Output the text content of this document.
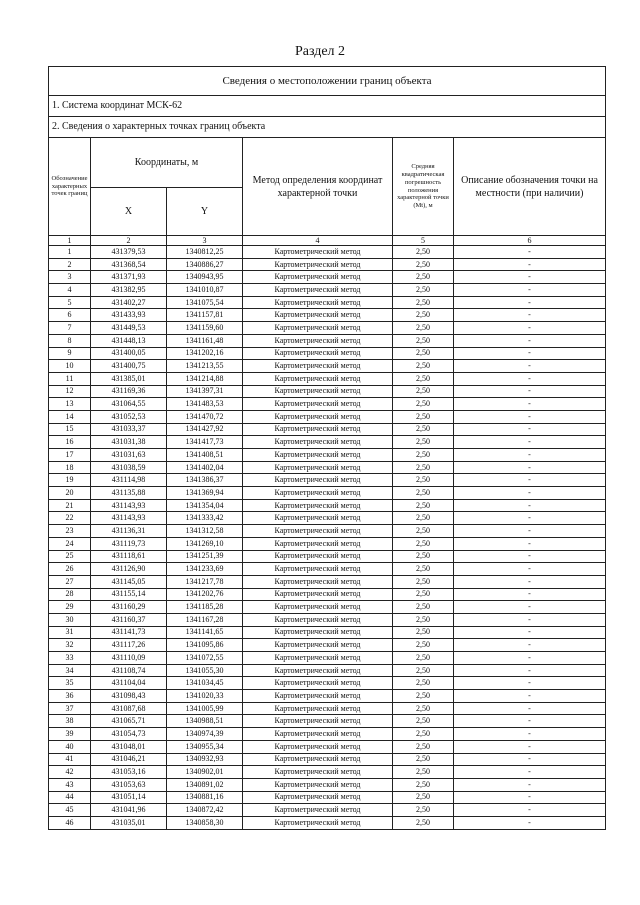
Раздел 2
Сведения о местоположении границ объекта					
1. Система координат МСК-62					
2. Сведения о характерных точках границ объекта					
Обозначение характерных точек границ	Координаты, м		Метод определения координат характерной точки	Средняя квадратическая погрешность положения характерной точки (Mt), м	Описание обозначения точки на местности (при наличии)
	X	Y			
1	2	3	4	5	6
1	431379,53	1340812,25	Картометрический метод	2,50	-
2	431368,54	1340886,27	Картометрический метод	2,50	-
3	431371,93	1340943,95	Картометрический метод	2,50	-
4	431382,95	1341010,87	Картометрический метод	2,50	-
5	431402,27	1341075,54	Картометрический метод	2,50	-
6	431433,93	1341157,81	Картометрический метод	2,50	-
7	431449,53	1341159,60	Картометрический метод	2,50	-
8	431448,13	1341161,48	Картометрический метод	2,50	-
9	431400,05	1341202,16	Картометрический метод	2,50	-
10	431400,75	1341213,55	Картометрический метод	2,50	-
11	431385,01	1341214,88	Картометрический метод	2,50	-
12	431169,36	1341397,31	Картометрический метод	2,50	-
13	431064,55	1341483,53	Картометрический метод	2,50	-
14	431052,53	1341470,72	Картометрический метод	2,50	-
15	431033,37	1341427,92	Картометрический метод	2,50	-
16	431031,38	1341417,73	Картометрический метод	2,50	-
17	431031,63	1341408,51	Картометрический метод	2,50	-
18	431038,59	1341402,04	Картометрический метод	2,50	-
19	431114,98	1341386,37	Картометрический метод	2,50	-
20	431135,88	1341369,94	Картометрический метод	2,50	-
21	431143,93	1341354,04	Картометрический метод	2,50	-
22	431143,93	1341333,42	Картометрический метод	2,50	-
23	431136,31	1341312,58	Картометрический метод	2,50	-
24	431119,73	1341269,10	Картометрический метод	2,50	-
25	431118,61	1341251,39	Картометрический метод	2,50	-
26	431126,90	1341233,69	Картометрический метод	2,50	-
27	431145,05	1341217,78	Картометрический метод	2,50	-
28	431155,14	1341202,76	Картометрический метод	2,50	-
29	431160,29	1341185,28	Картометрический метод	2,50	-
30	431160,37	1341167,28	Картометрический метод	2,50	-
31	431141,73	1341141,65	Картометрический метод	2,50	-
32	431117,26	1341095,86	Картометрический метод	2,50	-
33	431110,09	1341072,55	Картометрический метод	2,50	-
34	431108,74	1341055,30	Картометрический метод	2,50	-
35	431104,04	1341034,45	Картометрический метод	2,50	-
36	431098,43	1341020,33	Картометрический метод	2,50	-
37	431087,68	1341005,99	Картометрический метод	2,50	-
38	431065,71	1340988,51	Картометрический метод	2,50	-
39	431054,73	1340974,39	Картометрический метод	2,50	-
40	431048,01	1340955,34	Картометрический метод	2,50	-
41	431046,21	1340932,93	Картометрический метод	2,50	-
42	431053,16	1340902,01	Картометрический метод	2,50	-
43	431053,63	1340891,02	Картометрический метод	2,50	-
44	431051,14	1340881,16	Картометрический метод	2,50	-
45	431041,96	1340872,42	Картометрический метод	2,50	-
46	431035,01	1340858,30	Картометрический метод	2,50	-
